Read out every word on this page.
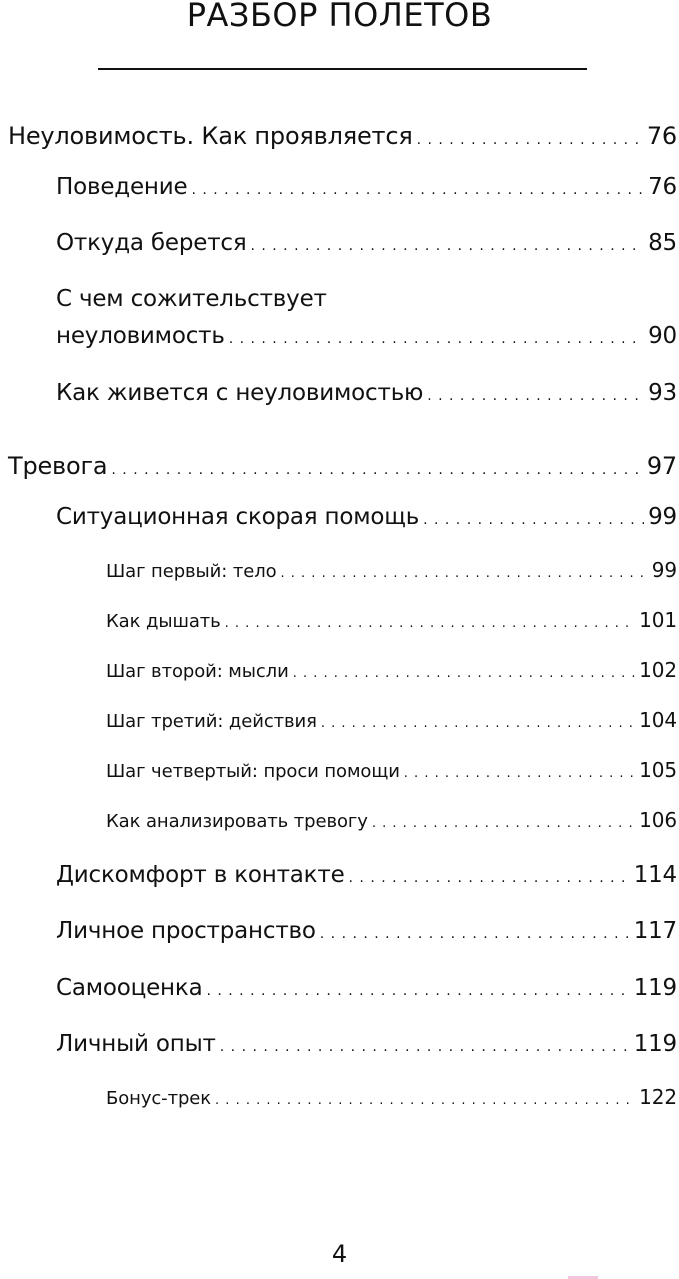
РАЗБОР ПОЛЕТОВ
Неуловимость. Как проявляется . . .	76
Поведение . . .	76
Откуда берется . . .	85
С чем сожительствует
неуловимость . . .	90
Как живется с неуловимостью . . .	93
Тревога . . .	97
Ситуационная скорая помощь . . .	99
Шаг первый: тело . . .	99
Как дышать . . .	101
Шаг второй: мысли . . .	102
Шаг третий: действия . . .	104
Шаг четвертый: проси помощи . . .	105
Как анализировать тревогу . . .	106
Дискомфорт в контакте . . .	114
Личное пространство . . .	117
Самооценка . . .	119
Личный опыт . . .	119
Бонус-трек . . .	122
4
